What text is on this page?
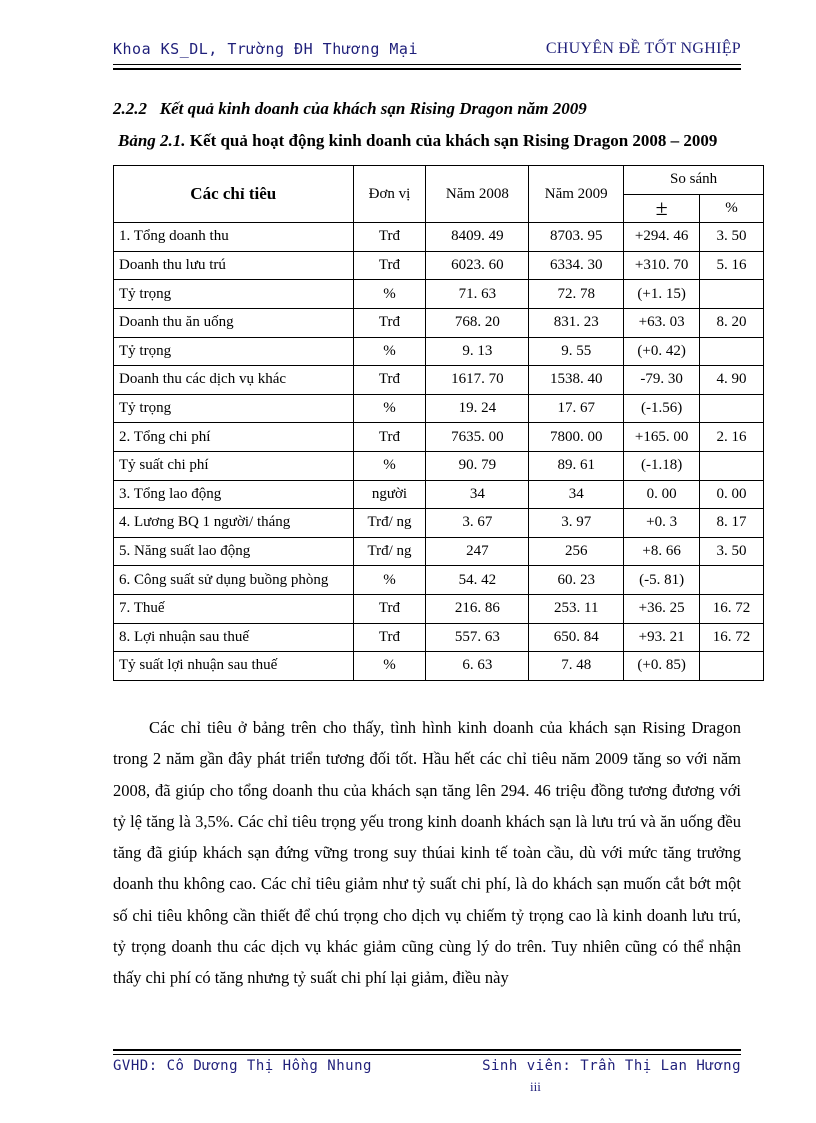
Khoa KS_DL, Trường ĐH Thương Mại	CHUYÊN ĐỀ TỐT NGHIỆP
2.2.2 Kết quả kinh doanh của khách sạn Rising Dragon năm 2009
Bảng 2.1. Kết quả hoạt động kinh doanh của khách sạn Rising Dragon 2008 – 2009
Các chỉ tiêu	Đơn vị	Năm 2008	Năm 2009	So sánh	
				±	%
1. Tổng doanh thu	Trđ	8409. 49	8703. 95	+294. 46	3. 50
Doanh thu lưu trú	Trđ	6023. 60	6334. 30	+310. 70	5. 16
Tỷ trọng	%	71. 63	72. 78	(+1. 15)	
Doanh thu ăn uống	Trđ	768. 20	831. 23	+63. 03	8. 20
Tỷ trọng	%	9. 13	9. 55	(+0. 42)	
Doanh thu các dịch vụ khác	Trđ	1617. 70	1538. 40	-79. 30	4. 90
Tỷ trọng	%	19. 24	17. 67	(-1.56)	
2. Tổng chi phí	Trđ	7635. 00	7800. 00	+165. 00	2. 16
Tỷ suất chi phí	%	90. 79	89. 61	(-1.18)	
3. Tổng lao động	người	34	34	0. 00	0. 00
4. Lương BQ 1 người/ tháng	Trđ/ ng	3. 67	3. 97	+0. 3	8. 17
5. Năng suất lao động	Trđ/ ng	247	256	+8. 66	3. 50
6. Công suất sử dụng buồng phòng	%	54. 42	60. 23	(-5. 81)	
7. Thuế	Trđ	216. 86	253. 11	+36. 25	16. 72
8. Lợi nhuận sau thuế	Trđ	557. 63	650. 84	+93. 21	16. 72
Tỷ suất lợi nhuận sau thuế	%	6. 63	7. 48	(+0. 85)	

Các chỉ tiêu ở bảng trên cho thấy, tình hình kinh doanh của khách sạn Rising Dragon trong 2 năm gần đây phát triển tương đối tốt. Hầu hết các chỉ tiêu năm 2009 tăng so với năm 2008, đã giúp cho tổng doanh thu của khách sạn tăng lên 294. 46 triệu đồng tương đương với tỷ lệ tăng là 3,5%. Các chỉ tiêu trọng yếu trong kinh doanh khách sạn là lưu trú và ăn uống đều tăng đã giúp khách sạn đứng vững trong suy thúai kinh tế toàn cầu, dù với mức tăng trưởng doanh thu không cao. Các chỉ tiêu giảm như tỷ suất chi phí, là do khách sạn muốn cắt bớt một số chi tiêu không cần thiết để chú trọng cho dịch vụ chiếm tỷ trọng cao là kinh doanh lưu trú, tỷ trọng doanh thu các dịch vụ khác giảm cũng cùng lý do trên. Tuy nhiên cũng có thể nhận thấy chi phí có tăng nhưng tỷ suất chi phí lại giảm, điều này

GVHD: Cô Dương Thị Hồng Nhung	Sinh viên: Trần Thị Lan Hương
iii
